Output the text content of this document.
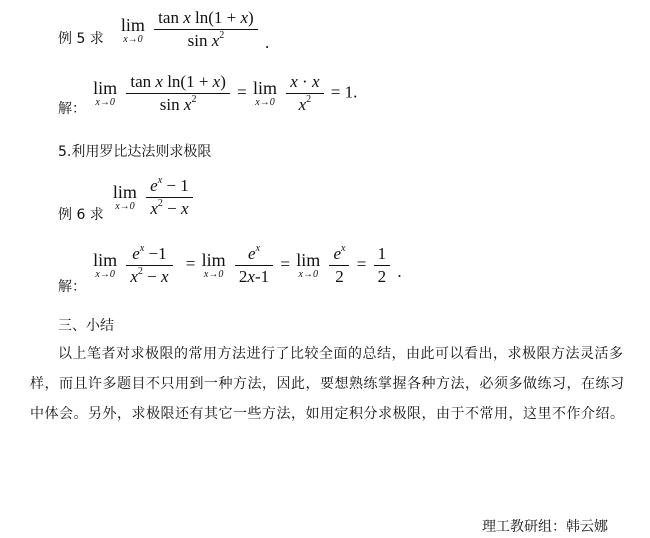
例 5 求
lim
x→0
$\frac{\text{tan x ln(1 + x)}}{\sin x^2}$ .
解：
lim
x→0
$\frac{\text{tan x ln(1 + x)}}{\sin x^2} = \lim$
x→0
$\frac{x \cdot x}{x^2} = 1$.
5.利用罗比达法则求极限
例 6 求
lim
x→0
$\frac{e^x - 1}{x^2 - x}$
解：
lim
x→0
$\frac{e^x -1}{x^2 - x} = \lim$
x→0
$\frac{e^x}{2x-1} = \lim$
x→0
$\frac{e^x}{2} = \frac{1}{2}$ .
三、小结
以上笔者对求极限的常用方法进行了比较全面的总结，由此可以看出，求极限方法灵活多样，而且许多题目不只用到一种方法，因此，要想熟练掌握各种方法，必须多做练习，在练习中体会。另外，求极限还有其它一些方法，如用定积分求极限，由于不常用，这里不作介绍。
理工教研组：韩云娜
